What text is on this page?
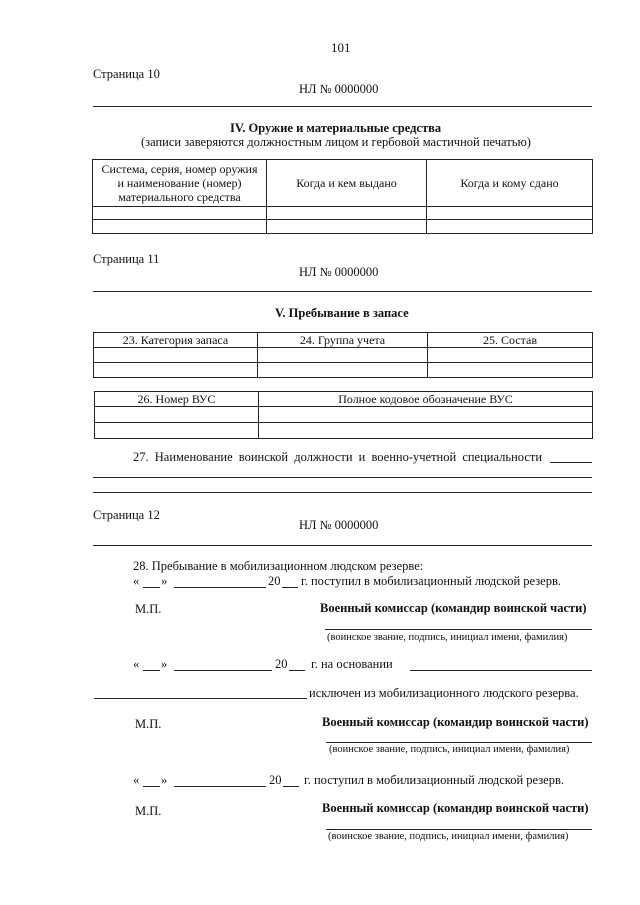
101
Страница 10
НЛ № 0000000
IV. Оружие и материальные средства
(записи заверяются должностным лицом и гербовой мастичной печатью)
Система, серия, номер оружия и наименование (номер) материального средства	Когда и кем выдано	Когда и кому сдано

Страница 11
НЛ № 0000000
V. Пребывание в запасе
23. Категория запаса	24. Группа учета	25. Состав

26. Номер ВУС	Полное кодовое обозначение ВУС

27. Наименование воинской должности и военно-учетной специальности
Страница 12
НЛ № 0000000
28. Пребывание в мобилизационном людском резерве:
« »	20 г. поступил в мобилизационный людской резерв.
М.П.	Военный комиссар (командир воинской части)
(воинское звание, подпись, инициал имени, фамилия)
« »	20 г. на основании
исключен из мобилизационного людского резерва.
М.П.	Военный комиссар (командир воинской части)
(воинское звание, подпись, инициал имени, фамилия)
« »	20 г. поступил в мобилизационный людской резерв.
М.П.	Военный комиссар (командир воинской части)
(воинское звание, подпись, инициал имени, фамилия)
